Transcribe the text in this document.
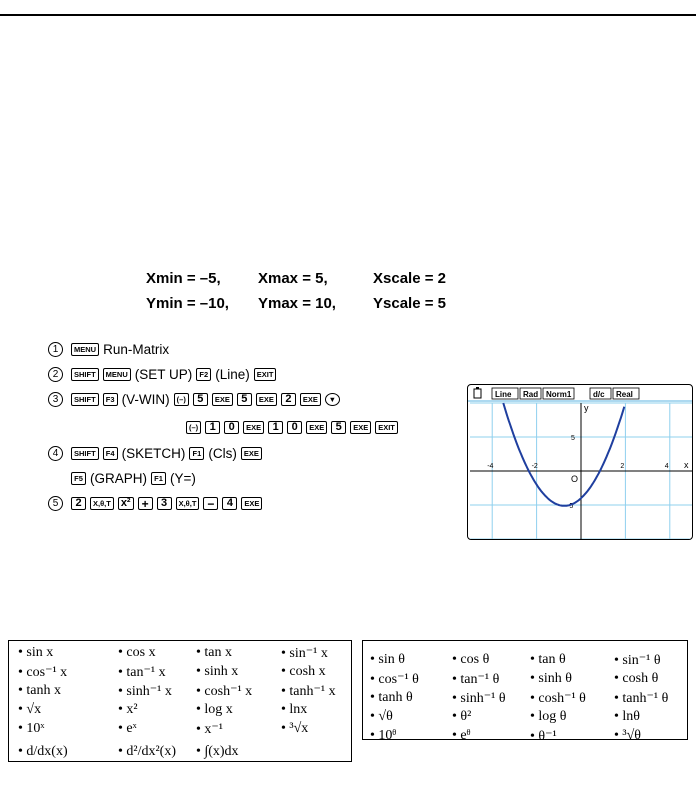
Xmin = –5, Xmax = 5,	Xscale = 2
Ymin = –10, Ymax = 10, Yscale = 5
1	MENU Run-Matrix
2	SHIFT	MENU (SET UP) F2 (Line) EXIT
3	SHIFT	F3 (V-WIN) (–)	5	EXE	5	EXE	2	EXE	▼
(–)	1	0	EXE	1	0	EXE	5	EXE	EXIT
4	SHIFT	F4 (SKETCH) F1 (Cls) EXE
F5 (GRAPH) F1 (Y=)
5	2	X,θ,T x² +	3	X,θ,T −	4	EXE
Line Rad Norm1	d/c Real
-4	-2	2	4
5
-5
y
x
O
• sin x	• cos x	• tan x	• sin⁻¹ x
• cos⁻¹ x	• tan⁻¹ x • sinh x	• cosh x
• tanh x	• sinh⁻¹ x • cosh⁻¹ x • tanh⁻¹ x
• √x	• x²	• log x	• lnx
• 10ˣ	• eˣ	• x⁻¹	• ³√x
• d/dx(x)	• d²/dx²(x) • ∫(x)dx
• sin θ	• cos θ	• tan θ	• sin⁻¹ θ
• cos⁻¹ θ • tan⁻¹ θ • sinh θ	• cosh θ
• tanh θ	• sinh⁻¹ θ • cosh⁻¹ θ • tanh⁻¹ θ
• √θ	• θ²	• log θ	• lnθ
• 10ᶿ	• eᶿ	• θ⁻¹	• ³√θ
